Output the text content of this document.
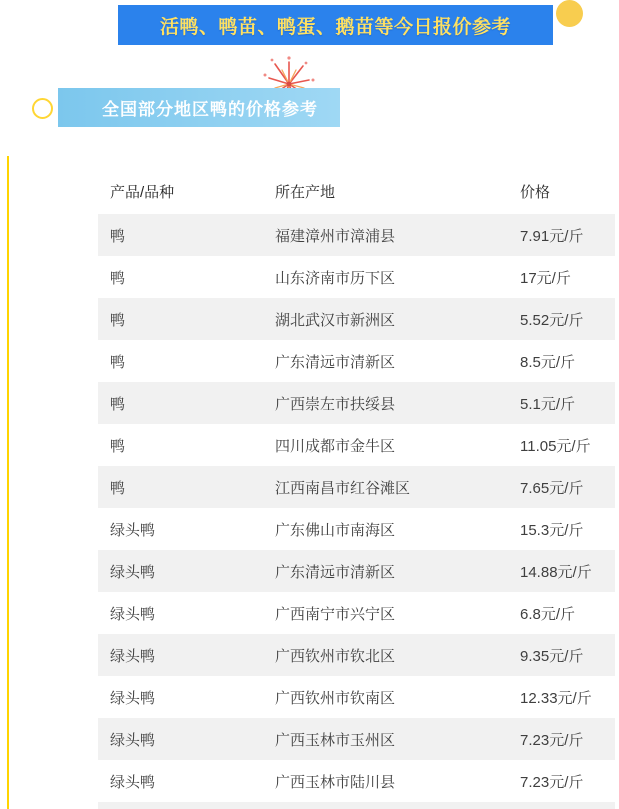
活鸭、鸭苗、鸭蛋、鹅苗等今日报价参考
全国部分地区鸭的价格参考
产品/品种	所在产地	价格
鸭	福建漳州市漳浦县	7.91元/斤
鸭	山东济南市历下区	17元/斤
鸭	湖北武汉市新洲区	5.52元/斤
鸭	广东清远市清新区	8.5元/斤
鸭	广西崇左市扶绥县	5.1元/斤
鸭	四川成都市金牛区	11.05元/斤
鸭	江西南昌市红谷滩区	7.65元/斤
绿头鸭	广东佛山市南海区	15.3元/斤
绿头鸭	广东清远市清新区	14.88元/斤
绿头鸭	广西南宁市兴宁区	6.8元/斤
绿头鸭	广西钦州市钦北区	9.35元/斤
绿头鸭	广西钦州市钦南区	12.33元/斤
绿头鸭	广西玉林市玉州区	7.23元/斤
绿头鸭	广西玉林市陆川县	7.23元/斤
